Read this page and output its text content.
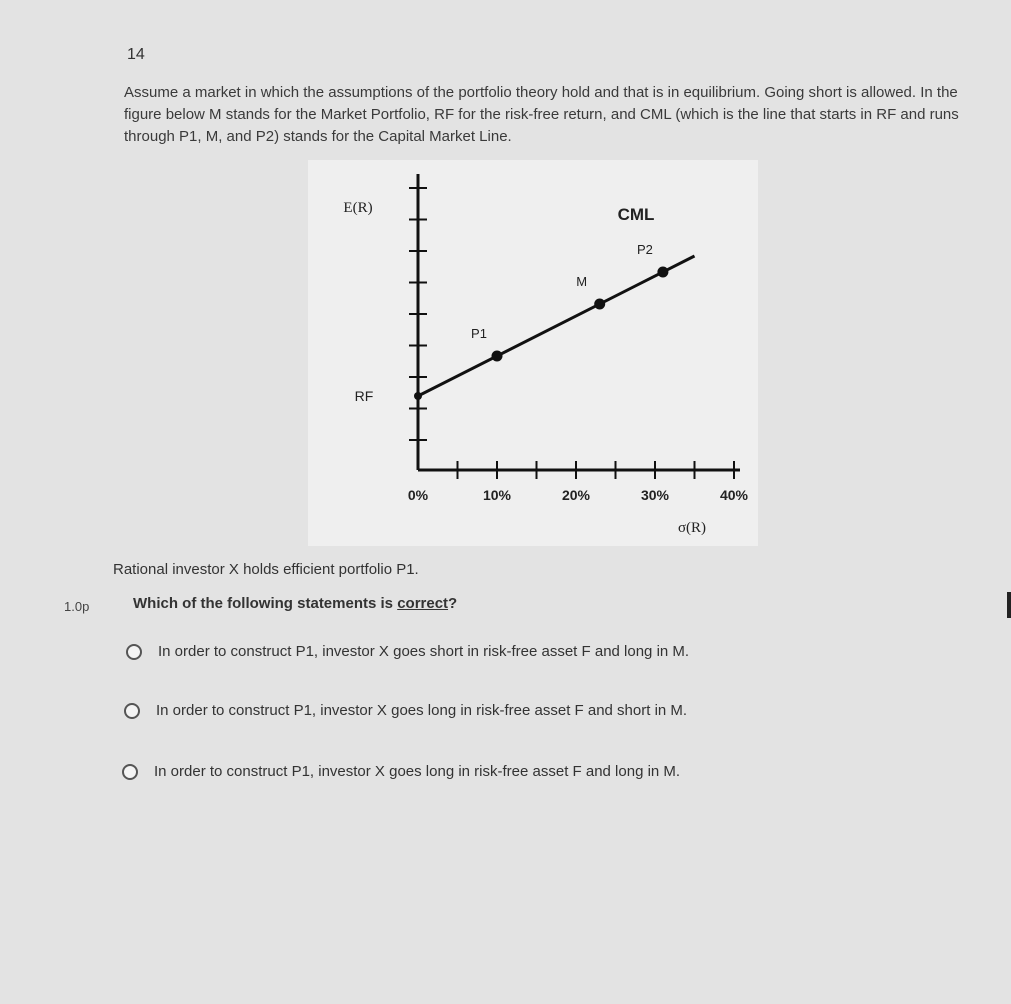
14
Assume a market in which the assumptions of the portfolio theory hold and that is in equilibrium. Going short is allowed. In the figure below M stands for the Market Portfolio, RF for the risk-free return, and CML (which is the line that starts in RF and runs through P1, M, and P2) stands for the Capital Market Line.
0%	10%	20%	30%	40%
RF
P1
M
P2
E(R)	CML
σ(R)
Rational investor X holds efficient portfolio P1.
1.0p	Which of the following statements is correct?
In order to construct P1, investor X goes short in risk-free asset F and long in M.
In order to construct P1, investor X goes long in risk-free asset F and short in M.
In order to construct P1, investor X goes long in risk-free asset F and long in M.
